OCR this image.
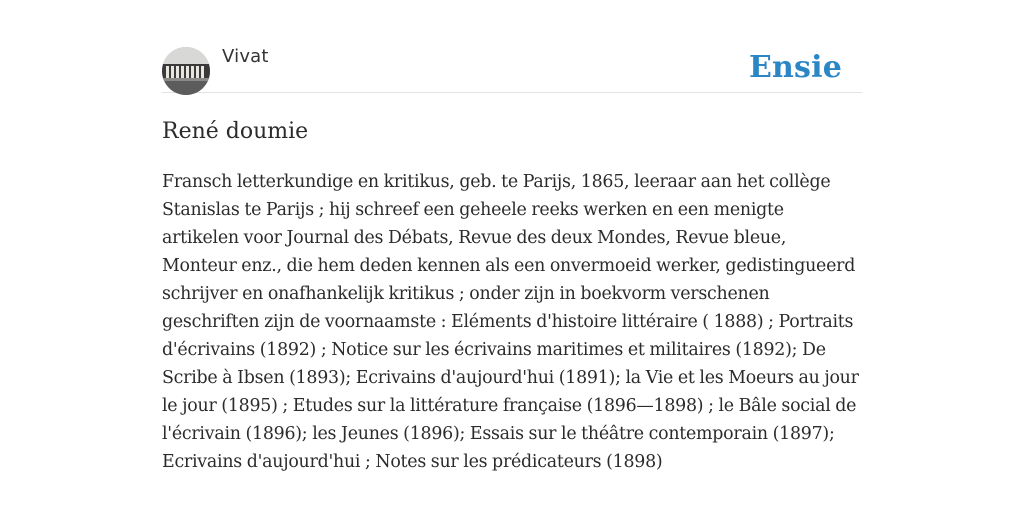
Vivat	Ensie
René doumie

Fransch letterkundige en kritikus, geb. te Parijs, 1865, leeraar aan het collège Stanislas te Parijs ; hij schreef een geheele reeks werken en een menigte artikelen voor Journal des Débats, Revue des deux Mondes, Revue bleue, Monteur enz., die hem deden kennen als een onvermoeid werker, gedistingueerd schrijver en onafhankelijk kritikus ; onder zijn in boekvorm verschenen geschriften zijn de voornaamste : Eléments d'histoire littéraire ( 1888) ; Portraits d'écrivains (1892) ; Notice sur les écrivains maritimes et militaires (1892); De Scribe à Ibsen (1893); Ecrivains d'aujourd'hui (1891); la Vie et les Moeurs au jour le jour (1895) ; Etudes sur la littérature française (1896—1898) ; le Bâle social de l'écrivain (1896); les Jeunes (1896); Essais sur le théâtre contemporain (1897); Ecrivains d'aujourd'hui ; Notes sur les prédicateurs (1898)
